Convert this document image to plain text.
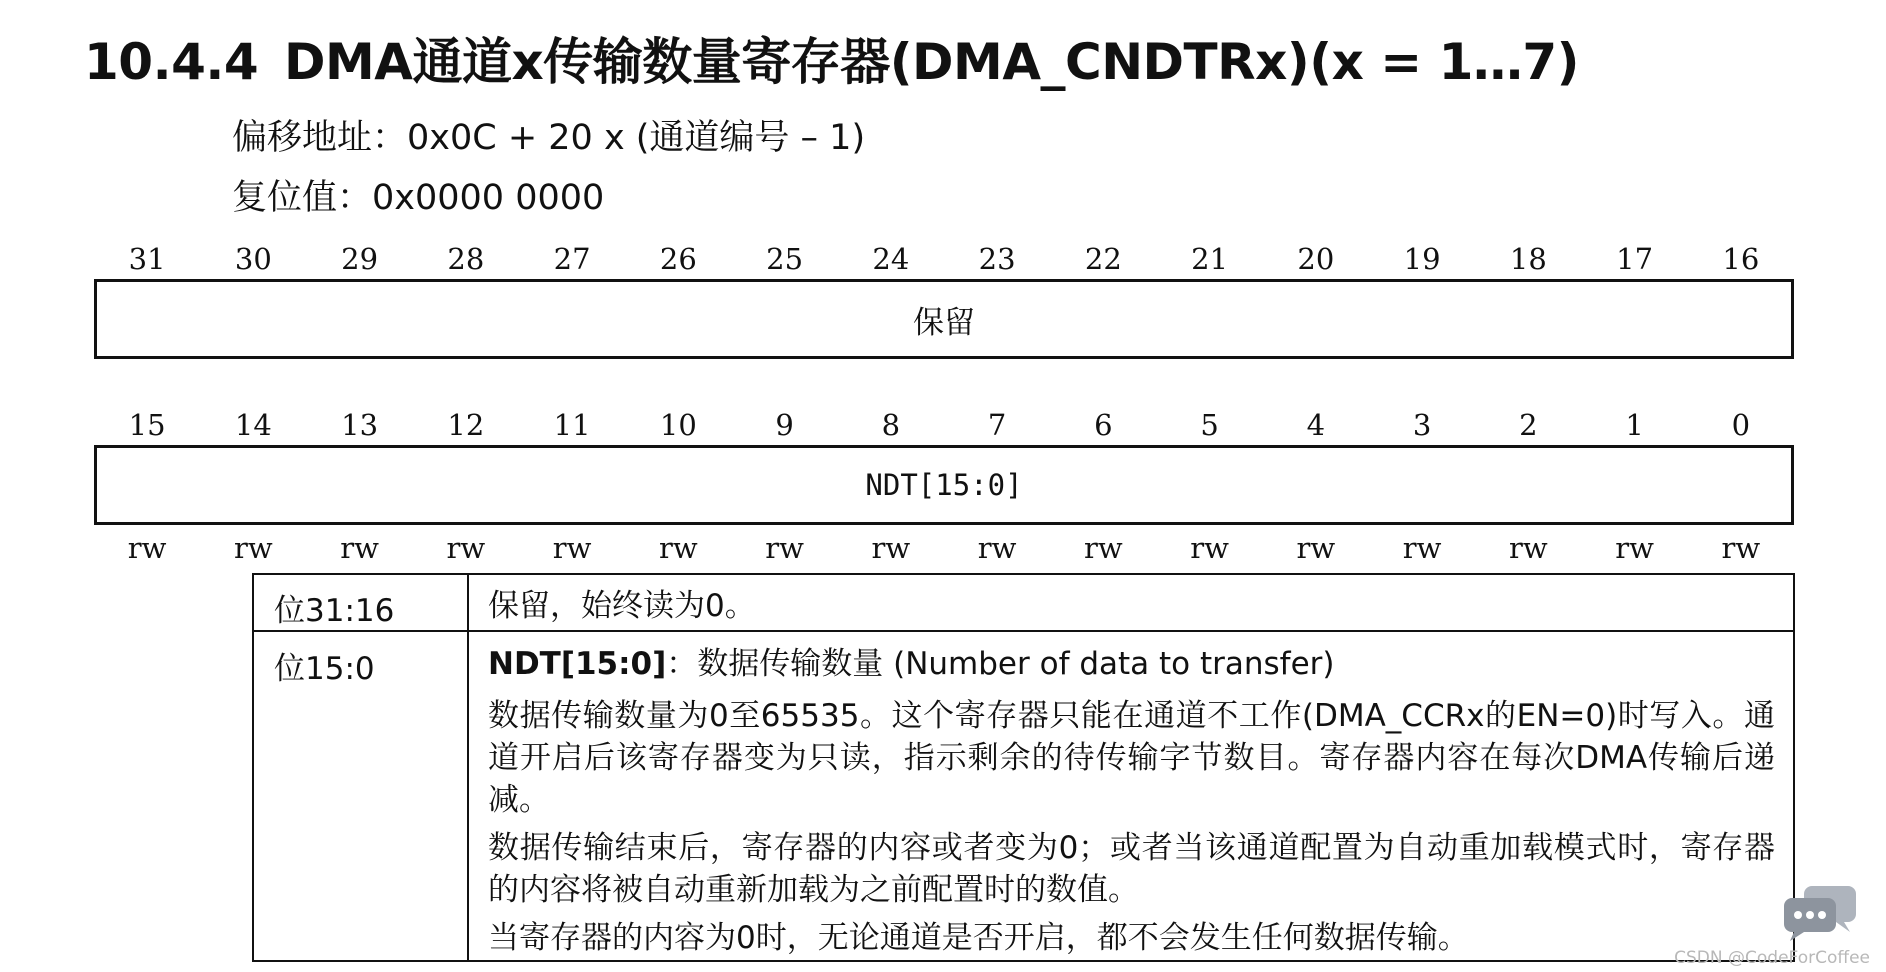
10.4.4 DMA通道x传输数量寄存器(DMA_CNDTRx)(x = 1…7)
偏移地址：0x0C + 20 x (通道编号 – 1)
复位值：0x0000 0000
31	30	29	28	27	26	25	24	23	22	21	20	19	18	17	16
保留
15	14	13	12	11	10	9	8	7	6	5	4	3	2	1	0
NDT[15:0]
rw	rw	rw	rw	rw	rw	rw	rw	rw	rw	rw	rw	rw	rw	rw	rw
位31:16	保留，始终读为0。

位15:0	NDT[15:0]：数据传输数量 (Number of data to transfer)

数据传输数量为0至65535。这个寄存器只能在通道不工作(DMA_CCRx的EN=0)时写入。通道开启后该寄存器变为只读，指示剩余的待传输字节数目。寄存器内容在每次DMA传输后递减。

数据传输结束后，寄存器的内容或者变为0；或者当该通道配置为自动重加载模式时，寄存器的内容将被自动重新加载为之前配置时的数值。

当寄存器的内容为0时，无论通道是否开启，都不会发生任何数据传输。

CSDN @CodeForCoffee
